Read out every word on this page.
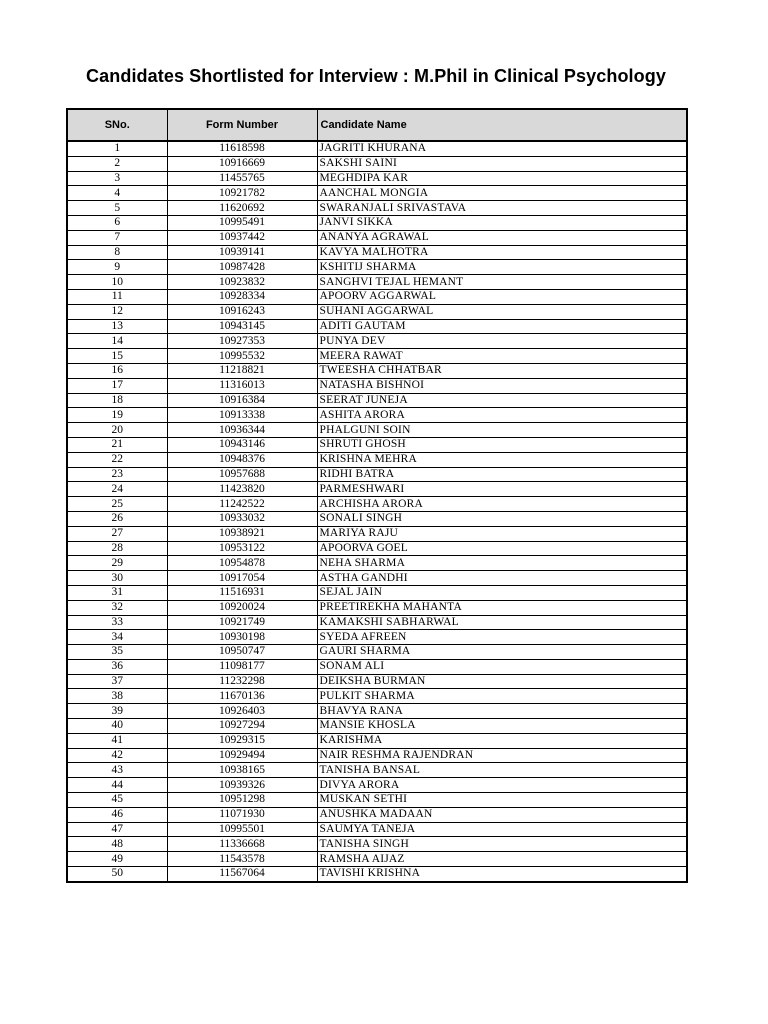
Candidates Shortlisted for Interview : M.Phil in Clinical Psychology
SNo.	Form Number	Candidate Name
1	11618598	JAGRITI KHURANA
2	10916669	SAKSHI SAINI
3	11455765	MEGHDIPA KAR
4	10921782	AANCHAL MONGIA
5	11620692	SWARANJALI SRIVASTAVA
6	10995491	JANVI SIKKA
7	10937442	ANANYA AGRAWAL
8	10939141	KAVYA MALHOTRA
9	10987428	KSHITIJ SHARMA
10	10923832	SANGHVI TEJAL HEMANT
11	10928334	APOORV AGGARWAL
12	10916243	SUHANI AGGARWAL
13	10943145	ADITI GAUTAM
14	10927353	PUNYA DEV
15	10995532	MEERA RAWAT
16	11218821	TWEESHA CHHATBAR
17	11316013	NATASHA BISHNOI
18	10916384	SEERAT JUNEJA
19	10913338	ASHITA ARORA
20	10936344	PHALGUNI SOIN
21	10943146	SHRUTI GHOSH
22	10948376	KRISHNA MEHRA
23	10957688	RIDHI BATRA
24	11423820	PARMESHWARI
25	11242522	ARCHISHA ARORA
26	10933032	SONALI SINGH
27	10938921	MARIYA RAJU
28	10953122	APOORVA GOEL
29	10954878	NEHA SHARMA
30	10917054	ASTHA GANDHI
31	11516931	SEJAL JAIN
32	10920024	PREETIREKHA MAHANTA
33	10921749	KAMAKSHI SABHARWAL
34	10930198	SYEDA AFREEN
35	10950747	GAURI SHARMA
36	11098177	SONAM ALI
37	11232298	DEIKSHA BURMAN
38	11670136	PULKIT SHARMA
39	10926403	BHAVYA RANA
40	10927294	MANSIE KHOSLA
41	10929315	KARISHMA
42	10929494	NAIR RESHMA RAJENDRAN
43	10938165	TANISHA BANSAL
44	10939326	DIVYA ARORA
45	10951298	MUSKAN SETHI
46	11071930	ANUSHKA MADAAN
47	10995501	SAUMYA TANEJA
48	11336668	TANISHA SINGH
49	11543578	RAMSHA AIJAZ
50	11567064	TAVISHI KRISHNA
